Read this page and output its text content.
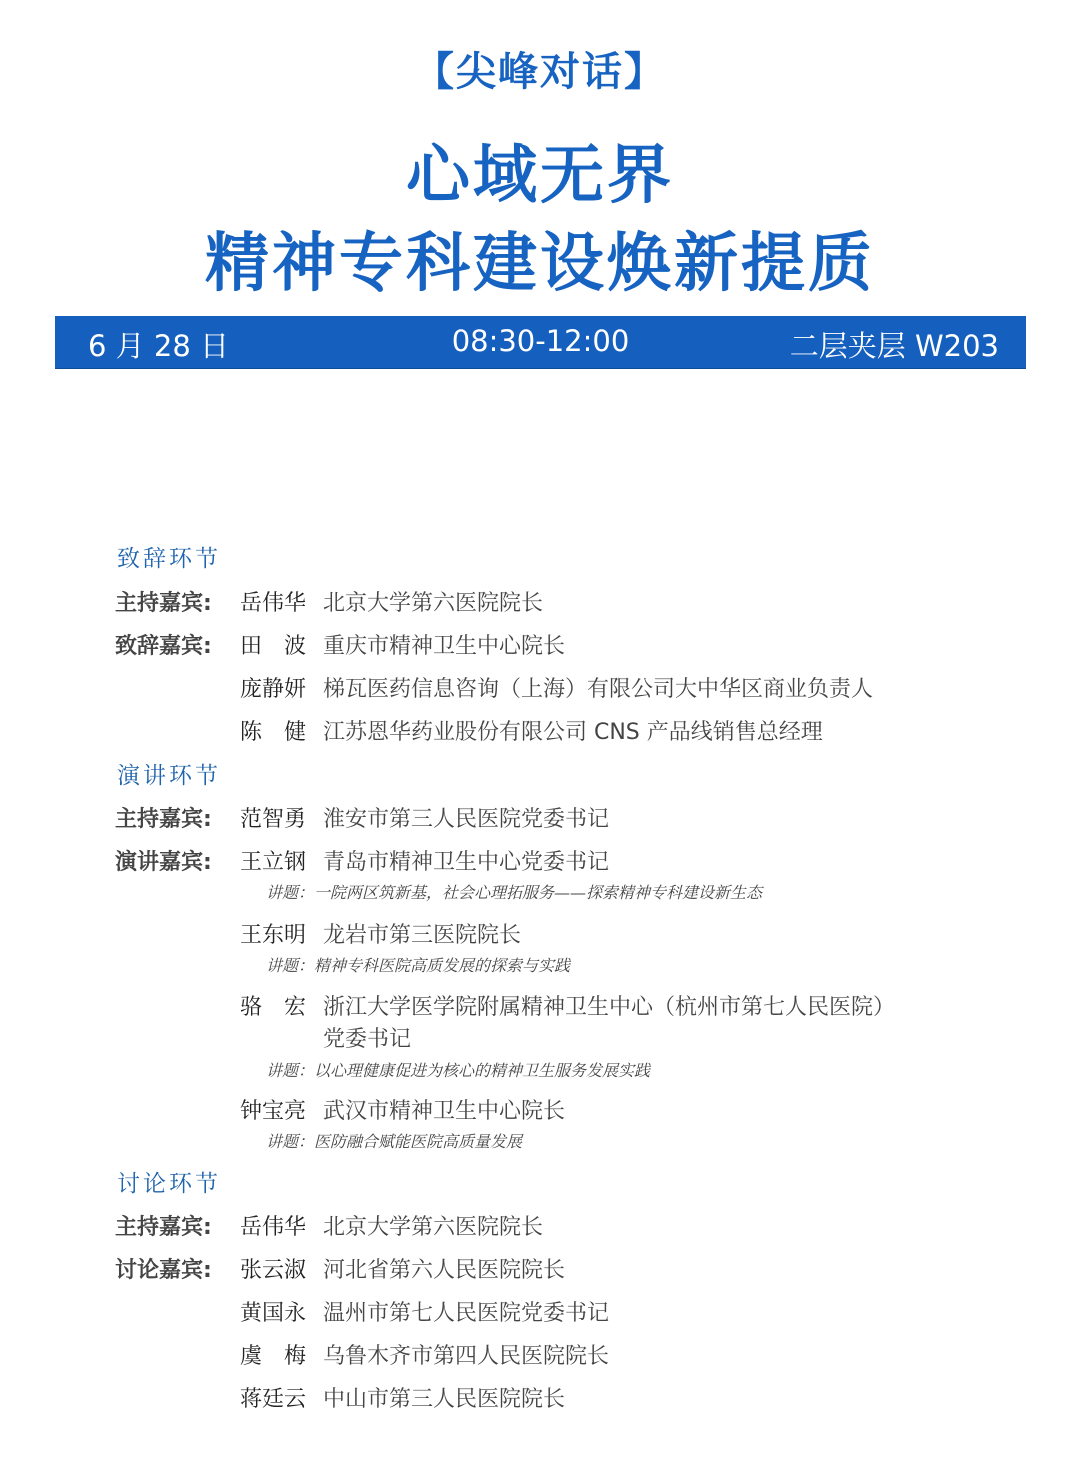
【尖峰对话】
心域无界
精神专科建设焕新提质
6 月 28 日	08:30-12:00	二层夹层 W203
致辞环节
主持嘉宾: 岳伟华 北京大学第六医院院长
致辞嘉宾: 田　波 重庆市精神卫生中心院长
庞静妍 梯瓦医药信息咨询（上海）有限公司大中华区商业负责人
陈　健 江苏恩华药业股份有限公司 CNS 产品线销售总经理
演讲环节
主持嘉宾: 范智勇 淮安市第三人民医院党委书记
演讲嘉宾: 王立钢 青岛市精神卫生中心党委书记
讲题：一院两区筑新基，社会心理拓服务——探索精神专科建设新生态
王东明 龙岩市第三医院院长
讲题：精神专科医院高质发展的探索与实践
骆　宏 浙江大学医学院附属精神卫生中心（杭州市第七人民医院）
党委书记
讲题：以心理健康促进为核心的精神卫生服务发展实践
钟宝亮 武汉市精神卫生中心院长
讲题：医防融合赋能医院高质量发展
讨论环节
主持嘉宾: 岳伟华 北京大学第六医院院长
讨论嘉宾: 张云淑 河北省第六人民医院院长
黄国永 温州市第七人民医院党委书记
虞　梅 乌鲁木齐市第四人民医院院长
蒋廷云 中山市第三人民医院院长
